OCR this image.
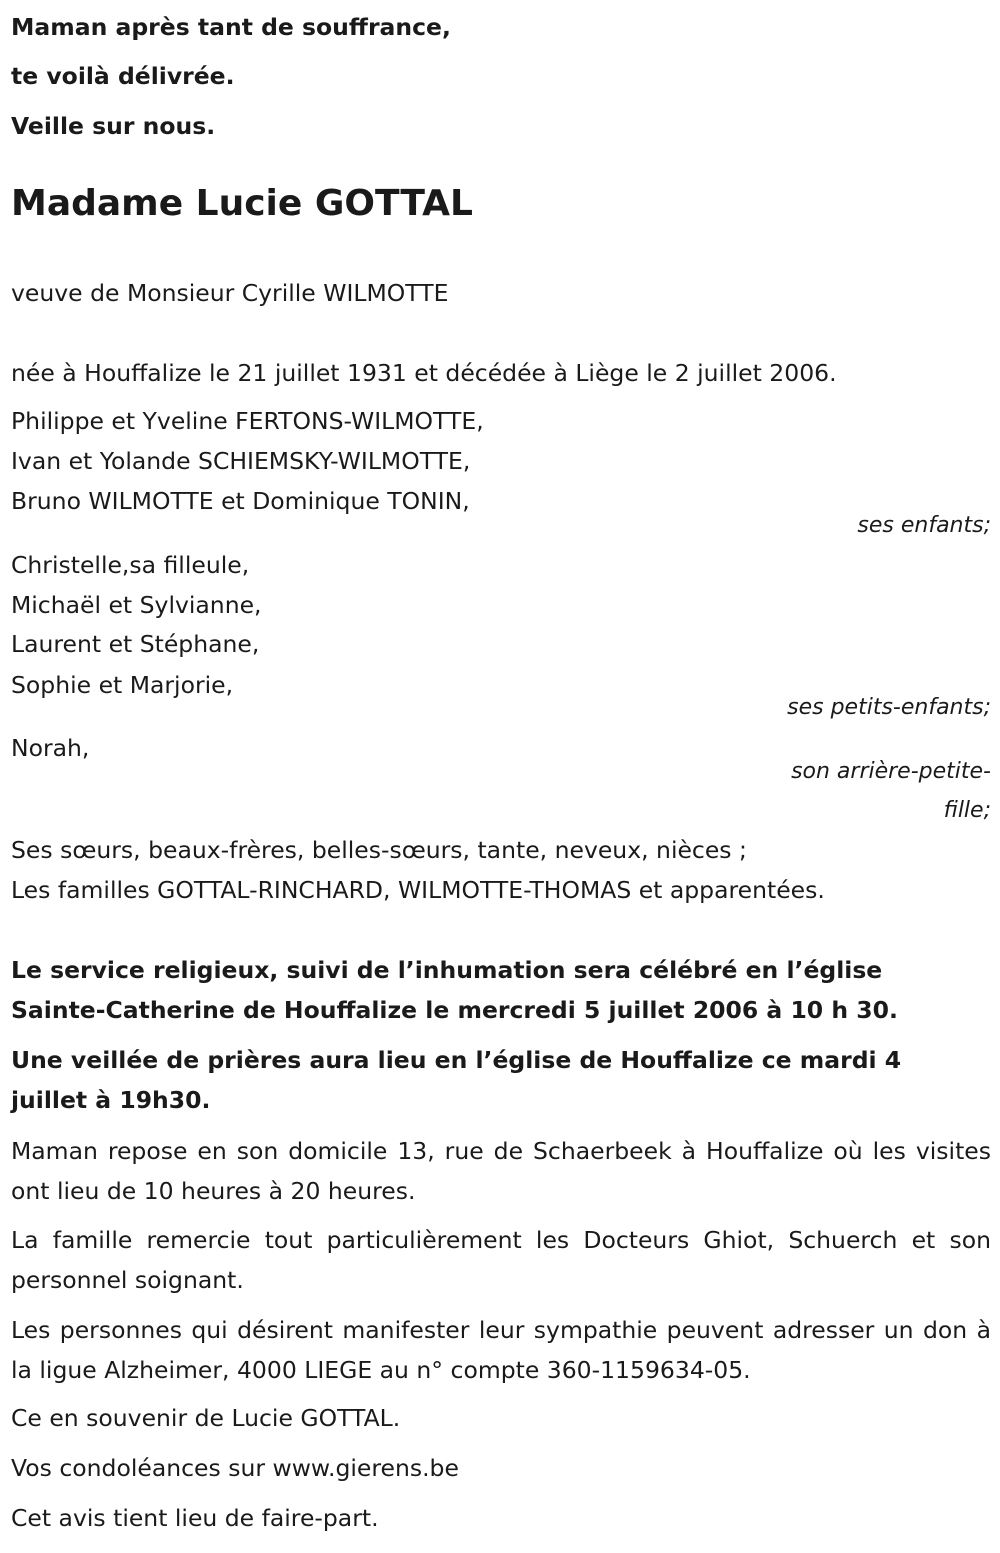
Maman après tant de souffrance,
te voilà délivrée.
Veille sur nous.
Madame Lucie GOTTAL
veuve de Monsieur Cyrille WILMOTTE
née à Houffalize le 21 juillet 1931 et décédée à Liège le 2 juillet 2006.
Philippe et Yveline FERTONS-WILMOTTE,
Ivan et Yolande SCHIEMSKY-WILMOTTE,
Bruno WILMOTTE et Dominique TONIN,
ses enfants;
Christelle,sa filleule,
Michaël et Sylvianne,
Laurent et Stéphane,
Sophie et Marjorie,
ses petits-enfants;
Norah,
son arrière-petite-
fille;
Ses sœurs, beaux-frères, belles-sœurs, tante, neveux, nièces ;
Les familles GOTTAL-RINCHARD, WILMOTTE-THOMAS et apparentées.
Le service religieux, suivi de l’inhumation sera célébré en l’église
Sainte-Catherine de Houffalize le mercredi 5 juillet 2006 à 10 h 30.
Une veillée de prières aura lieu en l’église de Houffalize ce mardi 4
juillet à 19h30.
Maman repose en son domicile 13, rue de Schaerbeek à Houffalize où les visites ont lieu de 10 heures à 20 heures.
La famille remercie tout particulièrement les Docteurs Ghiot, Schuerch et son personnel soignant.
Les personnes qui désirent manifester leur sympathie peuvent adresser un don à la ligue Alzheimer, 4000 LIEGE au n° compte 360-1159634-05.
Ce en souvenir de Lucie GOTTAL.
Vos condoléances sur www.gierens.be
Cet avis tient lieu de faire-part.
